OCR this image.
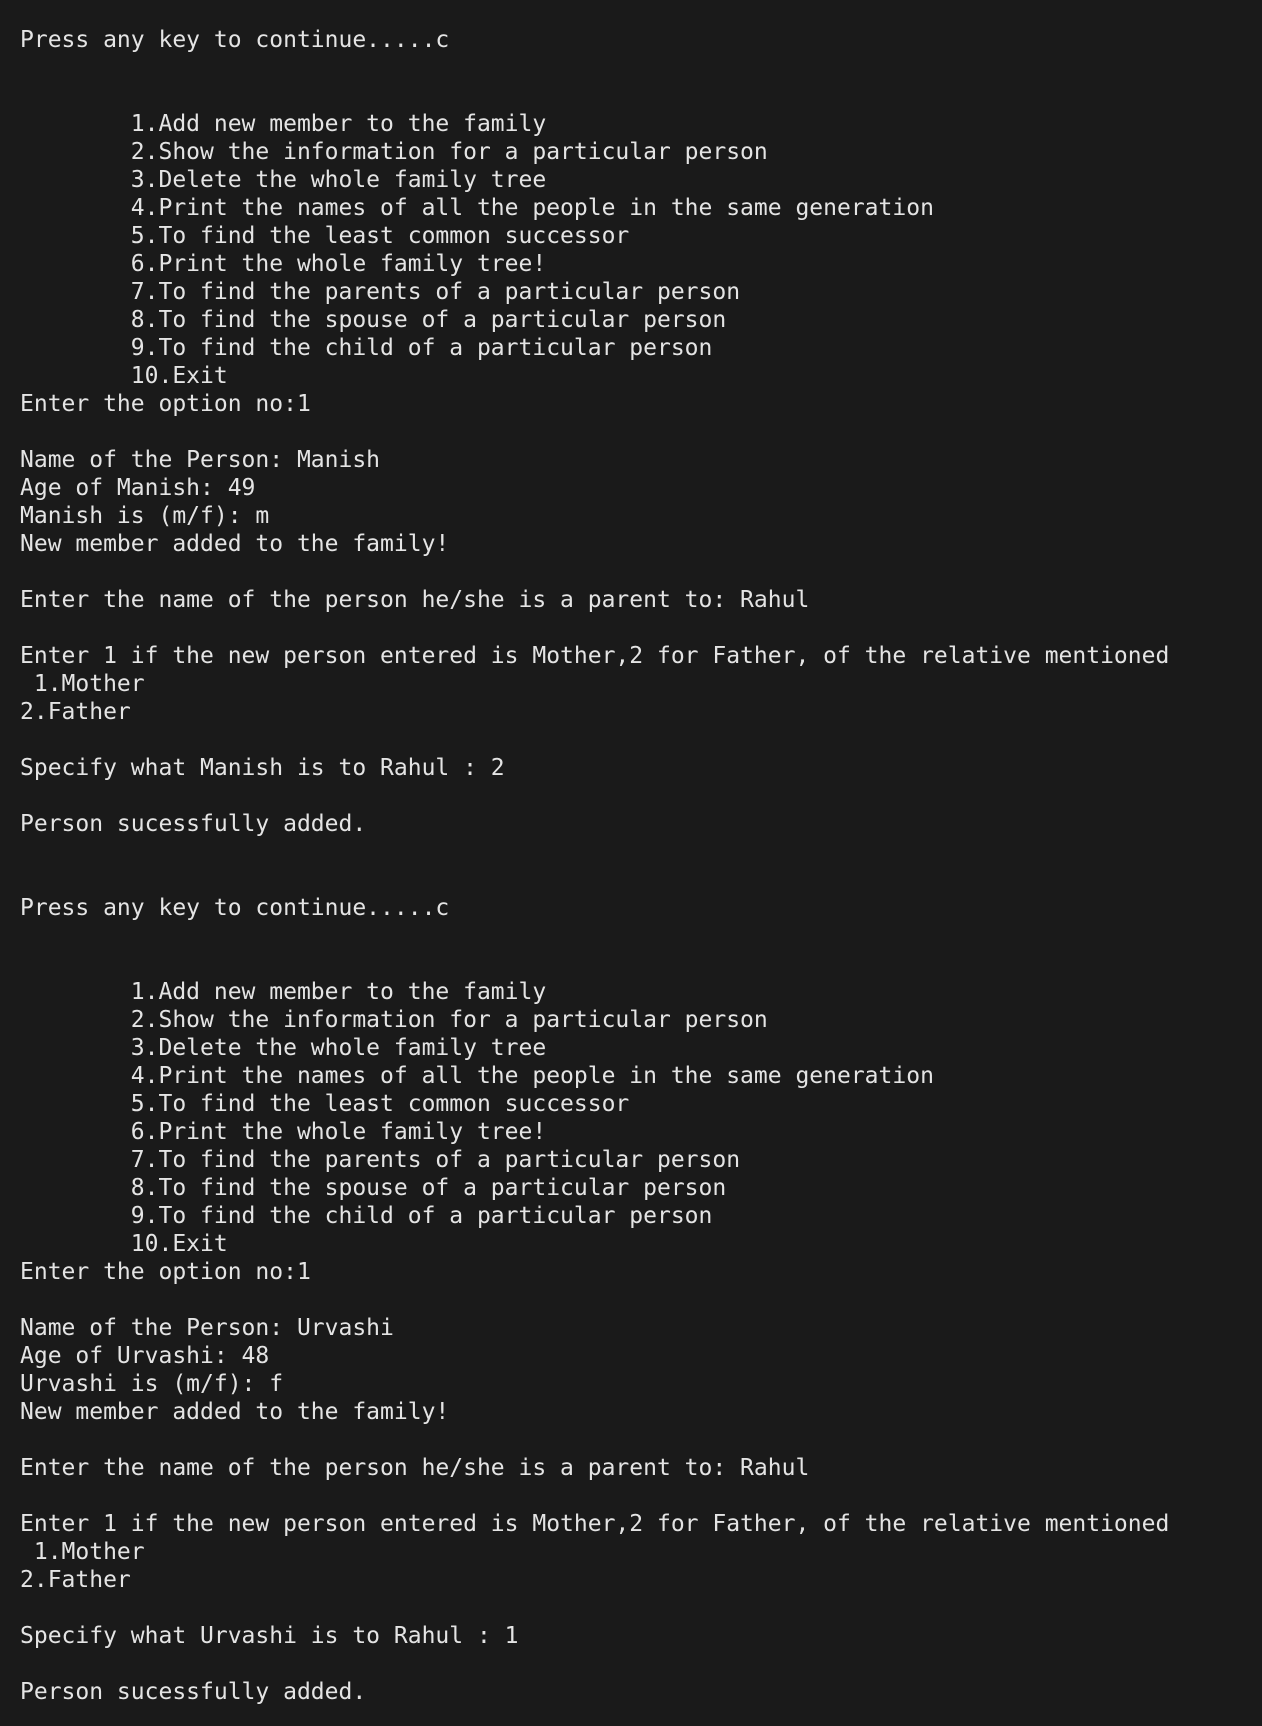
Press any key to continue.....c
1.Add new member to the family
2.Show the information for a particular person
3.Delete the whole family tree
4.Print the names of all the people in the same generation
5.To find the least common successor
6.Print the whole family tree!
7.To find the parents of a particular person
8.To find the spouse of a particular person
9.To find the child of a particular person
10.Exit
Enter the option no:1
Name of the Person: Manish
Age of Manish: 49
Manish is (m/f): m
New member added to the family!
Enter the name of the person he/she is a parent to: Rahul
Enter 1 if the new person entered is Mother,2 for Father, of the relative mentioned
1.Mother
2.Father
Specify what Manish is to Rahul : 2
Person sucessfully added.
Press any key to continue.....c
1.Add new member to the family
2.Show the information for a particular person
3.Delete the whole family tree
4.Print the names of all the people in the same generation
5.To find the least common successor
6.Print the whole family tree!
7.To find the parents of a particular person
8.To find the spouse of a particular person
9.To find the child of a particular person
10.Exit
Enter the option no:1
Name of the Person: Urvashi
Age of Urvashi: 48
Urvashi is (m/f): f
New member added to the family!
Enter the name of the person he/she is a parent to: Rahul
Enter 1 if the new person entered is Mother,2 for Father, of the relative mentioned
1.Mother
2.Father
Specify what Urvashi is to Rahul : 1
Person sucessfully added.
